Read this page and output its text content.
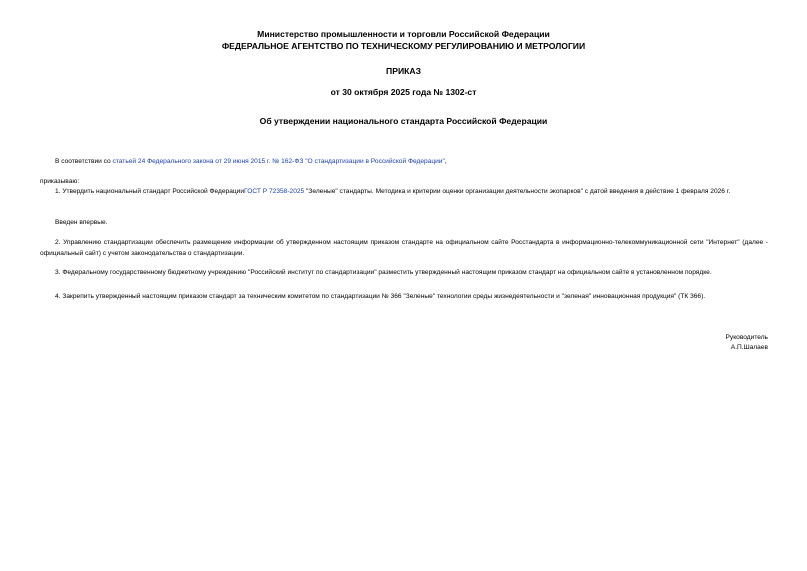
Министерство промышленности и торговли Российской Федерации
ФЕДЕРАЛЬНОЕ АГЕНТСТВО ПО ТЕХНИЧЕСКОМУ РЕГУЛИРОВАНИЮ И МЕТРОЛОГИИ
ПРИКАЗ
от 30 октября 2025 года № 1302-ст
Об утверждении национального стандарта Российской Федерации
В соответствии со статьей 24 Федерального закона от 29 июня 2015 г. № 162-ФЗ "О стандартизации в Российской Федерации",
приказываю:
1. Утвердить национальный стандарт Российской ФедерацииГОСТ Р 72358-2025 "Зеленые" стандарты. Методика и критерии оценки организации деятельности экопарков" с датой введения в действие 1 февраля 2026 г.
Введен впервые.
2. Управлению стандартизации обеспечить размещение информации об утвержденном настоящим приказом стандарте на официальном сайте Росстандарта в информационно-телекоммуникационной сети "Интернет" (далее - официальный сайт) с учетом законодательства о стандартизации.
3. Федеральному государственному бюджетному учреждению "Российский институт по стандартизации" разместить утвержденный настоящим приказом стандарт на официальном сайте в установленном порядке.
4. Закрепить утвержденный настоящим приказом стандарт за техническим комитетом по стандартизации № 366 "Зеленые" технологии среды жизнедеятельности и "зеленая" инновационная продукция" (ТК 366).
Руководитель
А.П.Шалаев
